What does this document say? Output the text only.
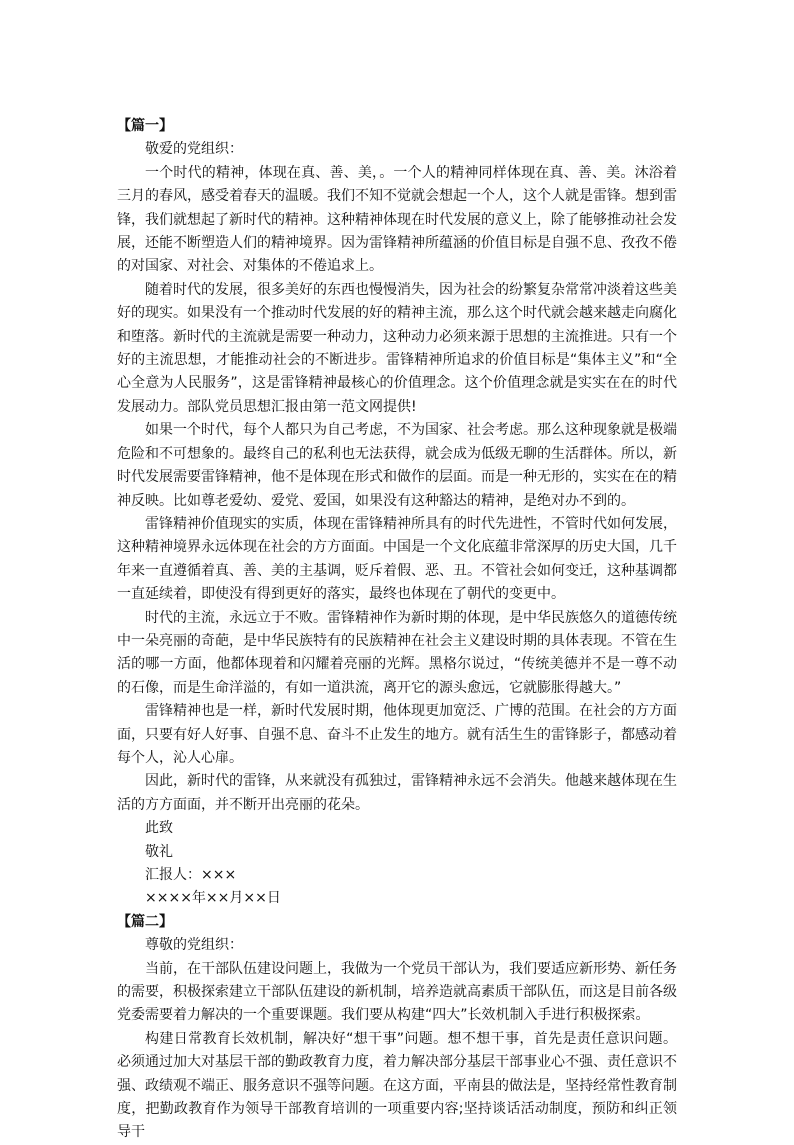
【篇一】

敬爱的党组织：

一个时代的精神，体现在真、善、美，。一个人的精神同样体现在真、善、美。沐浴着三月的春风，感受着春天的温暖。我们不知不觉就会想起一个人，这个人就是雷锋。想到雷锋，我们就想起了新时代的精神。这种精神体现在时代发展的意义上，除了能够推动社会发展，还能不断塑造人们的精神境界。因为雷锋精神所蕴涵的价值目标是自强不息、孜孜不倦的对国家、对社会、对集体的不倦追求上。

随着时代的发展，很多美好的东西也慢慢消失，因为社会的纷繁复杂常常冲淡着这些美好的现实。如果没有一个推动时代发展的好的精神主流，那么这个时代就会越来越走向腐化和堕落。新时代的主流就是需要一种动力，这种动力必须来源于思想的主流推进。只有一个好的主流思想，才能推动社会的不断进步。雷锋精神所追求的价值目标是“集体主义”和“全心全意为人民服务”，这是雷锋精神最核心的价值理念。这个价值理念就是实实在在的时代发展动力。部队党员思想汇报由第一范文网提供!

如果一个时代，每个人都只为自己考虑，不为国家、社会考虑。那么这种现象就是极端危险和不可想象的。最终自己的私利也无法获得，就会成为低级无聊的生活群体。所以，新时代发展需要雷锋精神，他不是体现在形式和做作的层面。而是一种无形的，实实在在的精神反映。比如尊老爱幼、爱党、爱国，如果没有这种豁达的精神，是绝对办不到的。

雷锋精神价值现实的实质，体现在雷锋精神所具有的时代先进性，不管时代如何发展，这种精神境界永远体现在社会的方方面面。中国是一个文化底蕴非常深厚的历史大国，几千年来一直遵循着真、善、美的主基调，贬斥着假、恶、丑。不管社会如何变迁，这种基调都一直延续着，即使没有得到更好的落实，最终也体现在了朝代的变更中。

时代的主流，永远立于不败。雷锋精神作为新时期的体现，是中华民族悠久的道德传统中一朵亮丽的奇葩，是中华民族特有的民族精神在社会主义建设时期的具体表现。不管在生活的哪一方面，他都体现着和闪耀着亮丽的光辉。黑格尔说过，“传统美德并不是一尊不动的石像，而是生命洋溢的，有如一道洪流，离开它的源头愈远，它就膨胀得越大。”

雷锋精神也是一样，新时代发展时期，他体现更加宽泛、广博的范围。在社会的方方面面，只要有好人好事、自强不息、奋斗不止发生的地方。就有活生生的雷锋影子，都感动着每个人，沁人心扉。

因此，新时代的雷锋，从来就没有孤独过，雷锋精神永远不会消失。他越来越体现在生活的方方面面，并不断开出亮丽的花朵。

此致

敬礼

汇报人：×××

××××年××月××日

【篇二】

尊敬的党组织：

当前，在干部队伍建设问题上，我做为一个党员干部认为，我们要适应新形势、新任务的需要，积极探索建立干部队伍建设的新机制，培养造就高素质干部队伍，而这是目前各级党委需要着力解决的一个重要课题。我们要从构建“四大”长效机制入手进行积极探索。

构建日常教育长效机制，解决好“想干事”问题。想不想干事，首先是责任意识问题。必须通过加大对基层干部的勤政教育力度，着力解决部分基层干部事业心不强、责任意识不强、政绩观不端正、服务意识不强等问题。在这方面，平南县的做法是，坚持经常性教育制度，把勤政教育作为领导干部教育培训的一项重要内容;坚持谈话活动制度，预防和纠正领导干
